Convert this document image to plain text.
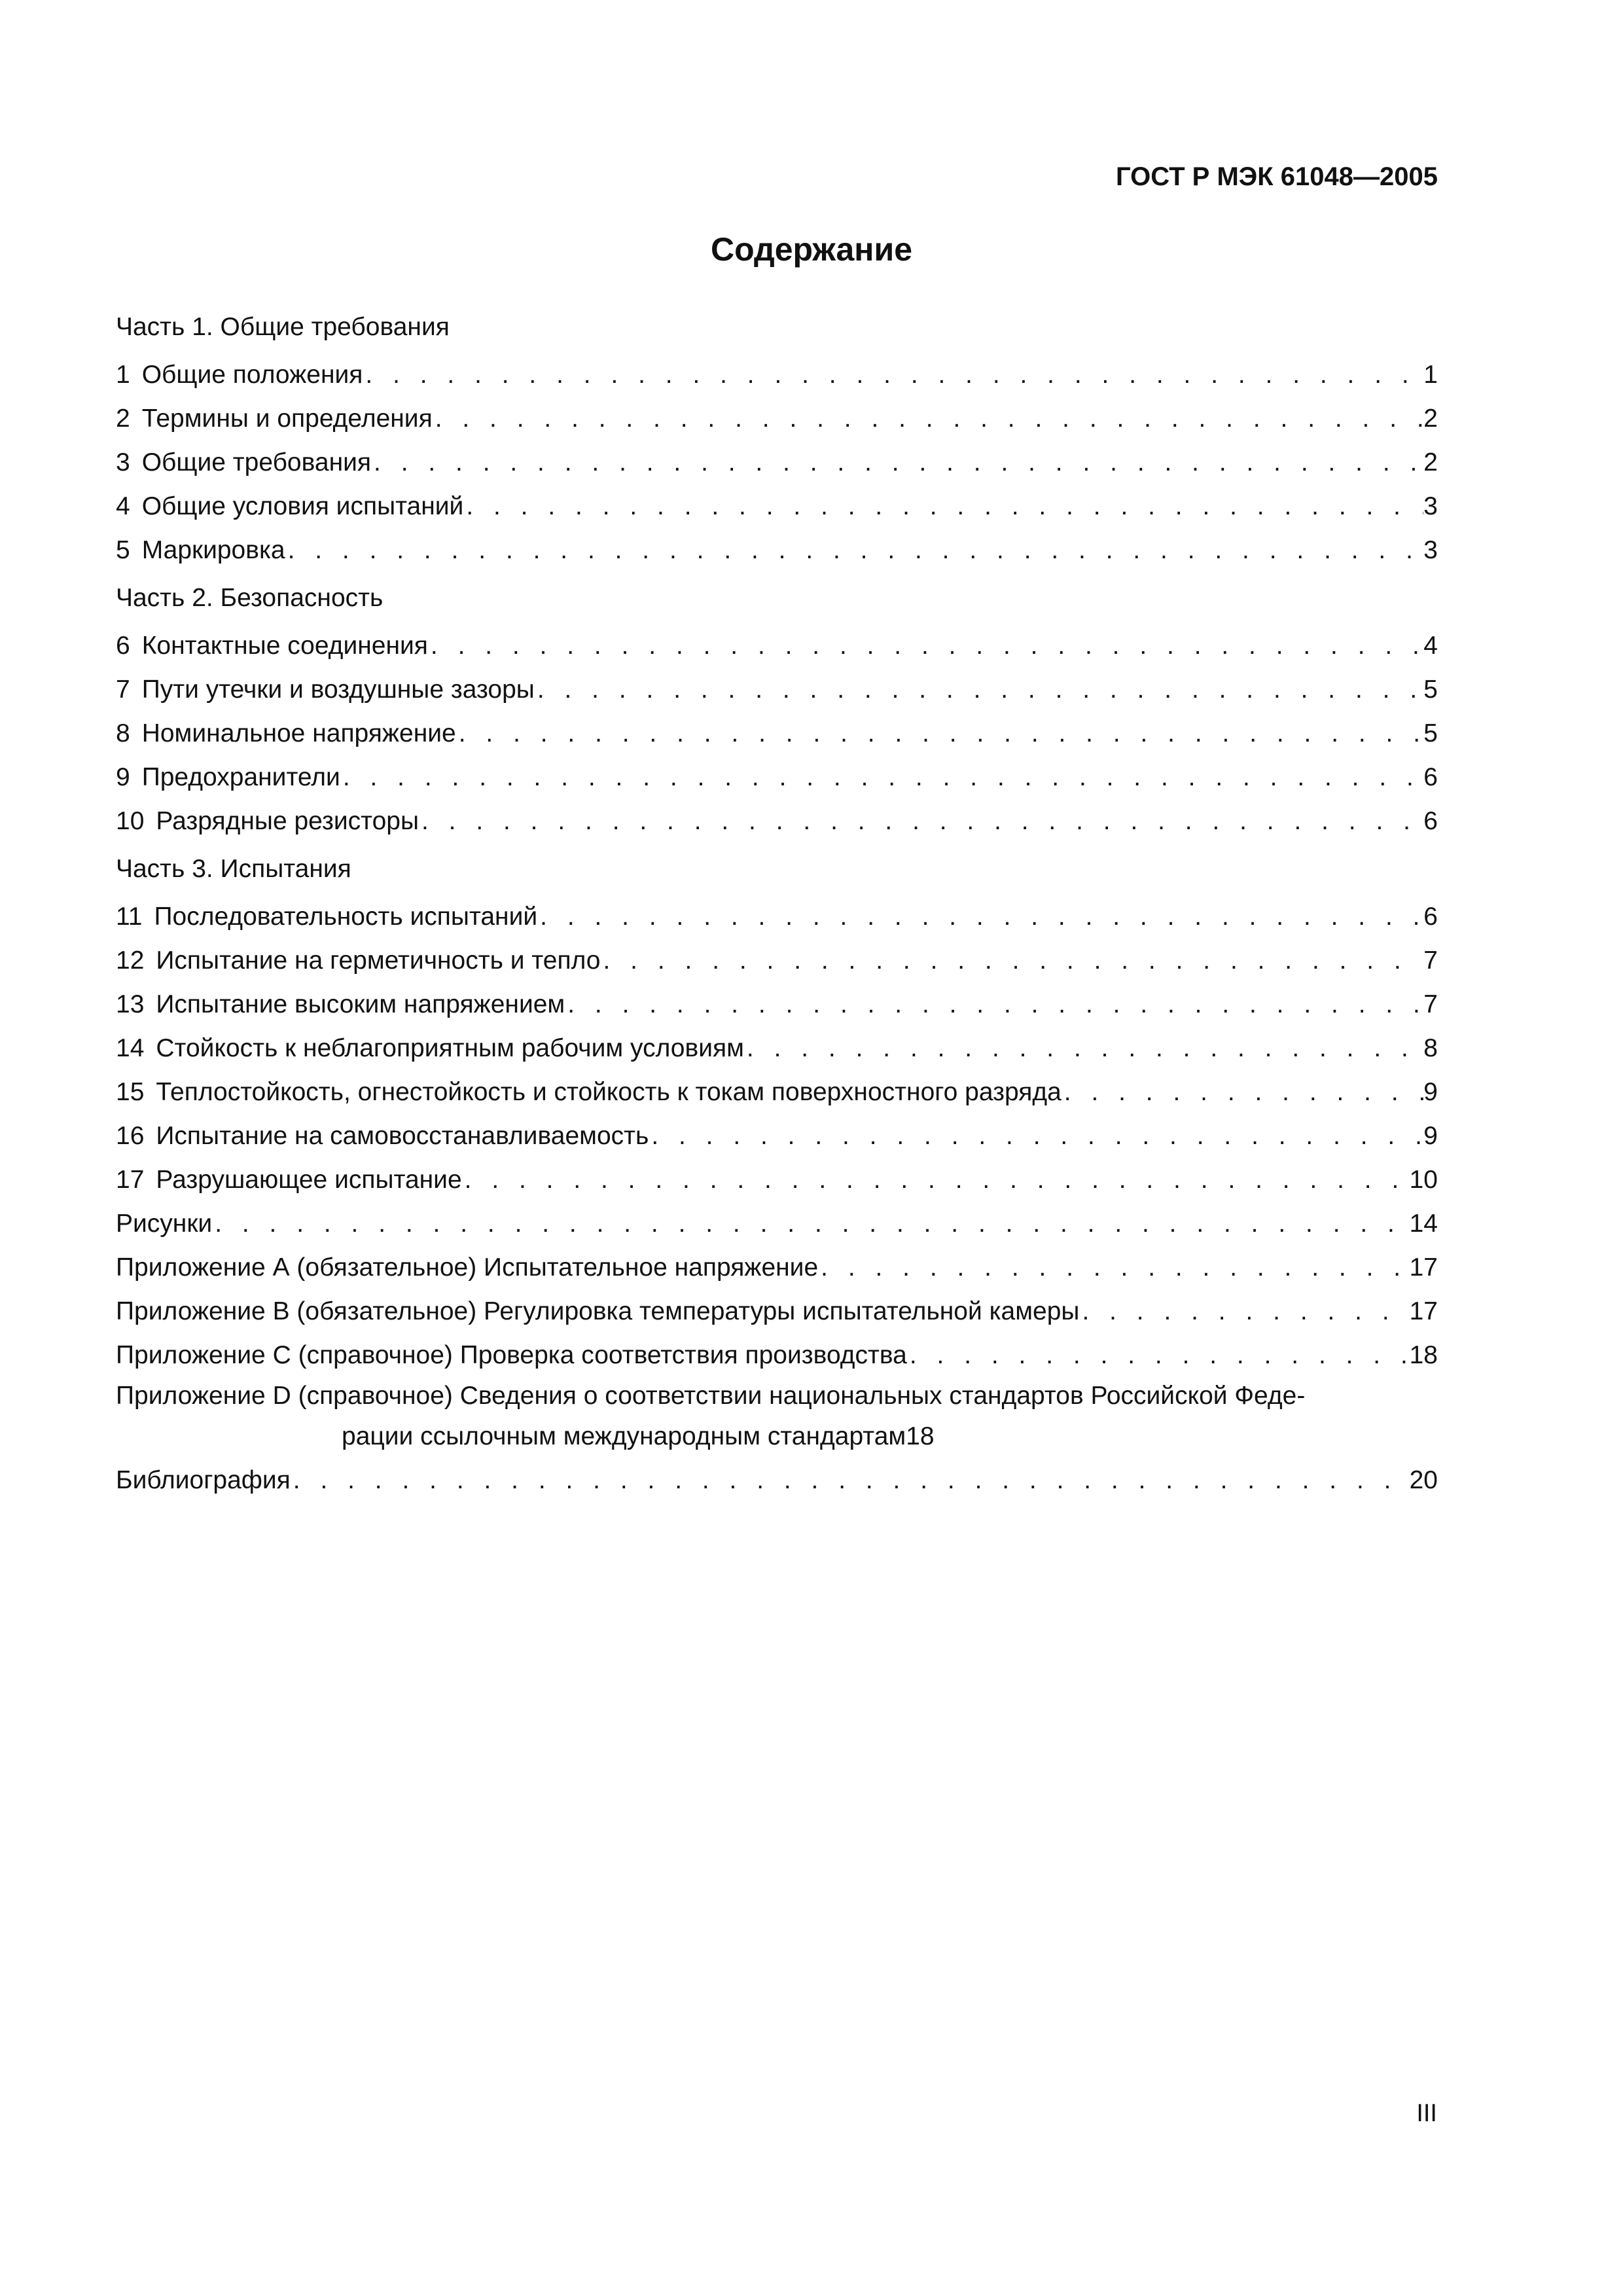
ГОСТ Р МЭК 61048—2005
Содержание
Часть 1. Общие требования
1 Общие положения . . .	1
2 Термины и определения . . .	2
3 Общие требования . . .	2
4 Общие условия испытаний . . .	3
5 Маркировка . . .	3
Часть 2. Безопасность
6 Контактные соединения . . .	4
7 Пути утечки и воздушные зазоры . . .	5
8 Номинальное напряжение . . .	5
9 Предохранители . . .	6
10 Разрядные резисторы . . .	6
Часть 3. Испытания
11 Последовательность испытаний . . .	6
12 Испытание на герметичность и тепло . . .	7
13 Испытание высоким напряжением . . .	7
14 Стойкость к неблагоприятным рабочим условиям . . .	8
15 Теплостойкость, огнестойкость и стойкость к токам поверхностного разряда . . .	9
16 Испытание на самовосстанавливаемость . . .	9
17 Разрушающее испытание . . .	10
Рисунки . . .	14
Приложение А (обязательное) Испытательное напряжение . . .	17
Приложение В (обязательное) Регулировка температуры испытательной камеры . . .	17
Приложение С (справочное) Проверка соответствия производства . . .	18
Приложение D (справочное) Сведения о соответствии национальных стандартов Российской Феде-
рации ссылочным международным стандартам 18
Библиография . . .	20
III
